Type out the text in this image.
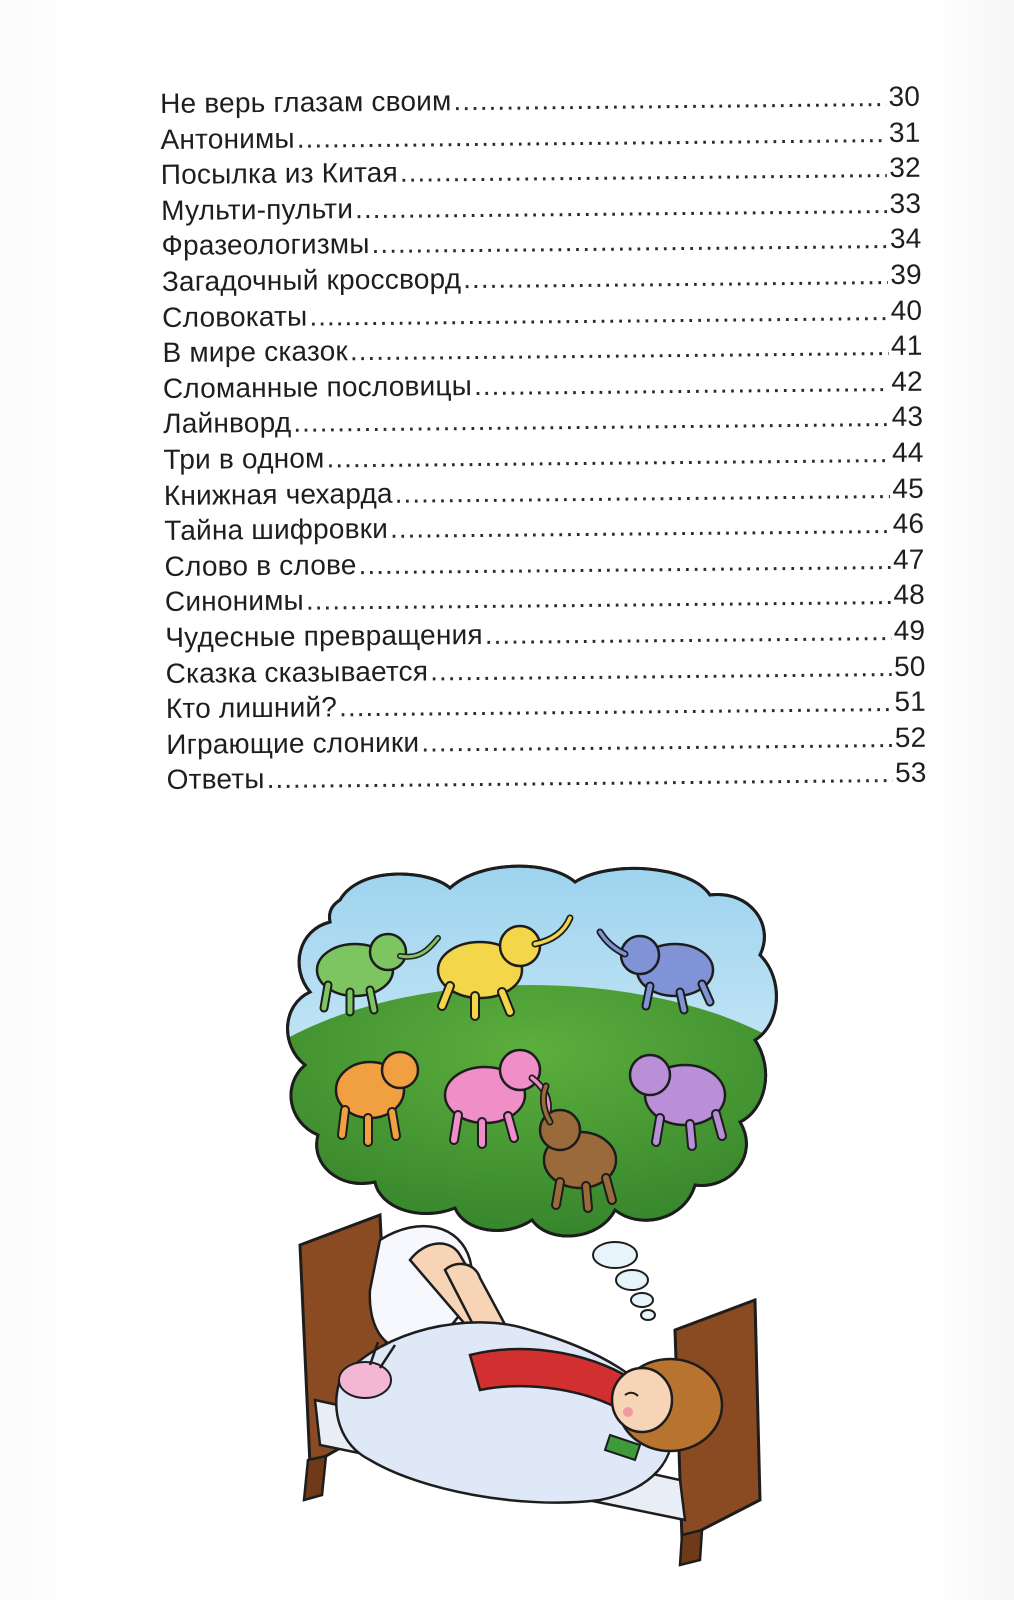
Не верь глазам своим .....	30
Антонимы .....	31
Посылка из Китая .....	32
Мульти-пульти .....	33
Фразеологизмы .....	34
Загадочный кроссворд .....	39
Словокаты .....	40
В мире сказок .....	41
Сломанные пословицы .....	42
Лайнворд .....	43
Три в одном .....	44
Книжная чехарда .....	45
Тайна шифровки .....	46
Слово в слове .....	47
Синонимы .....	48
Чудесные превращения .....	49
Сказка сказывается .....	50
Кто лишний? .....	51
Играющие слоники .....	52
Ответы .....	53
